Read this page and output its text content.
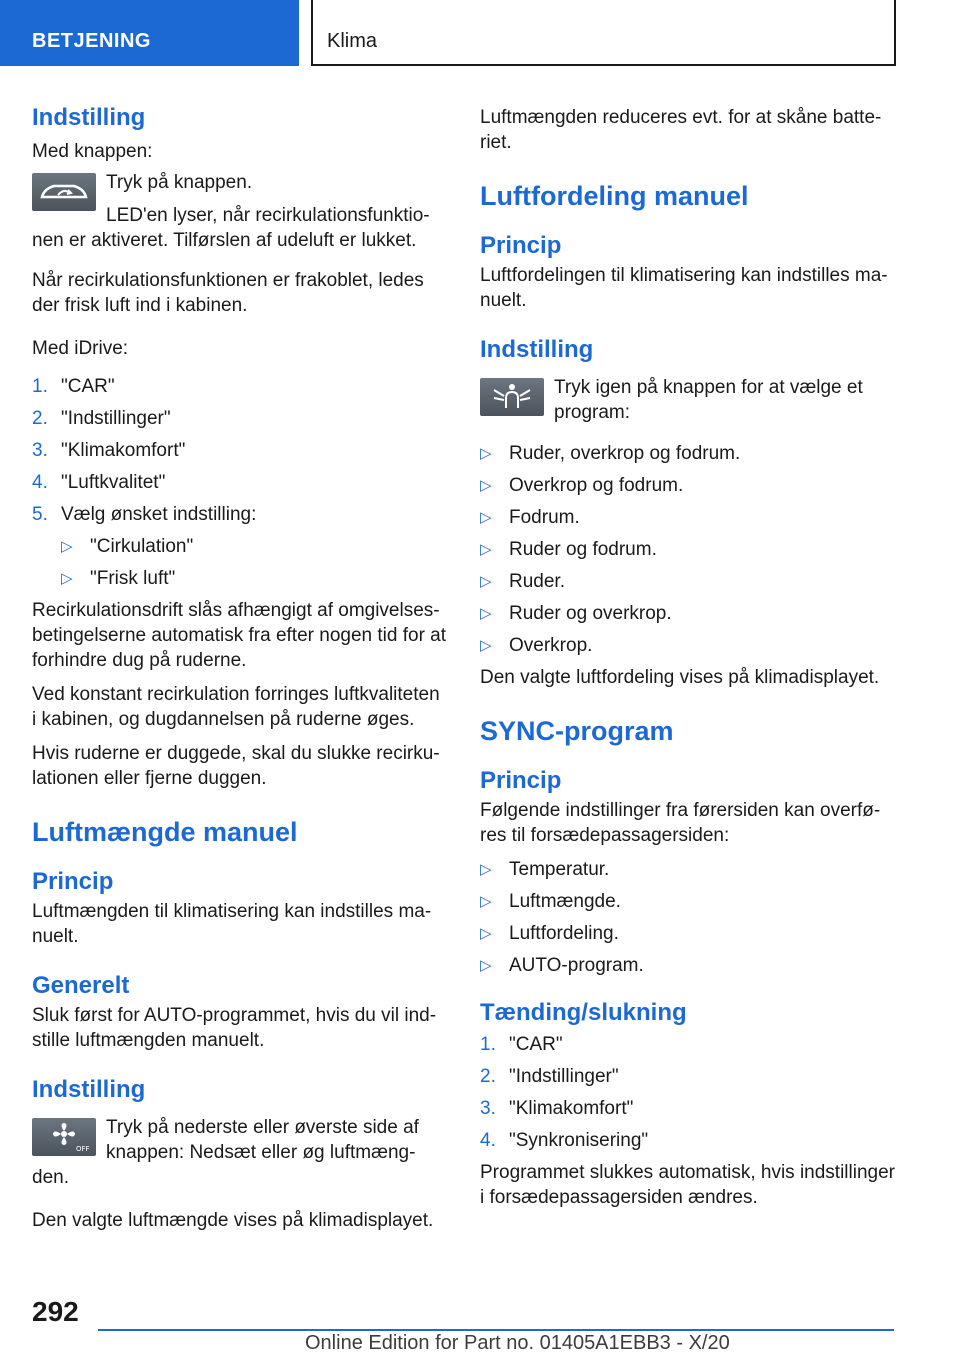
BETJENING	Klima
Indstilling
Med knappen:
Tryk på knappen.
LED'en lyser, når recirkulationsfunktio-nen er aktiveret. Tilførslen af udeluft er lukket.
Når recirkulationsfunktionen er frakoblet, ledes der frisk luft ind i kabinen.
Med iDrive:
1. "CAR"
2. "Indstillinger"
3. "Klimakomfort"
4. "Luftkvalitet"
5. Vælg ønsket indstilling:
▷ "Cirkulation"
▷ "Frisk luft"
Recirkulationsdrift slås afhængigt af omgivelses-betingelserne automatisk fra efter nogen tid for at forhindre dug på ruderne.
Ved konstant recirkulation forringes luftkvaliteten i kabinen, og dugdannelsen på ruderne øges.
Hvis ruderne er duggede, skal du slukke recirku-lationen eller fjerne duggen.
Luftmængde manuel
Princip
Luftmængden til klimatisering kan indstilles ma-nuelt.
Generelt
Sluk først for AUTO-programmet, hvis du vil ind-stille luftmængden manuelt.
Indstilling
OFF
Tryk på nederste eller øverste side af knappen: Nedsæt eller øg luftmæng-den.
Den valgte luftmængde vises på klimadisplayet.
Luftmængden reduceres evt. for at skåne batte-riet.
Luftfordeling manuel
Princip
Luftfordelingen til klimatisering kan indstilles ma-nuelt.
Indstilling
Tryk igen på knappen for at vælge et program:
▷ Ruder, overkrop og fodrum.
▷ Overkrop og fodrum.
▷ Fodrum.
▷ Ruder og fodrum.
▷ Ruder.
▷ Ruder og overkrop.
▷ Overkrop.
Den valgte luftfordeling vises på klimadisplayet.
SYNC-program
Princip
Følgende indstillinger fra førersiden kan overfø-res til forsædepassagersiden:
▷ Temperatur.
▷ Luftmængde.
▷ Luftfordeling.
▷ AUTO-program.
Tænding/slukning
1. "CAR"
2. "Indstillinger"
3. "Klimakomfort"
4. "Synkronisering"
Programmet slukkes automatisk, hvis indstillinger i forsædepassagersiden ændres.
292
Online Edition for Part no. 01405A1EBB3 - X/20
